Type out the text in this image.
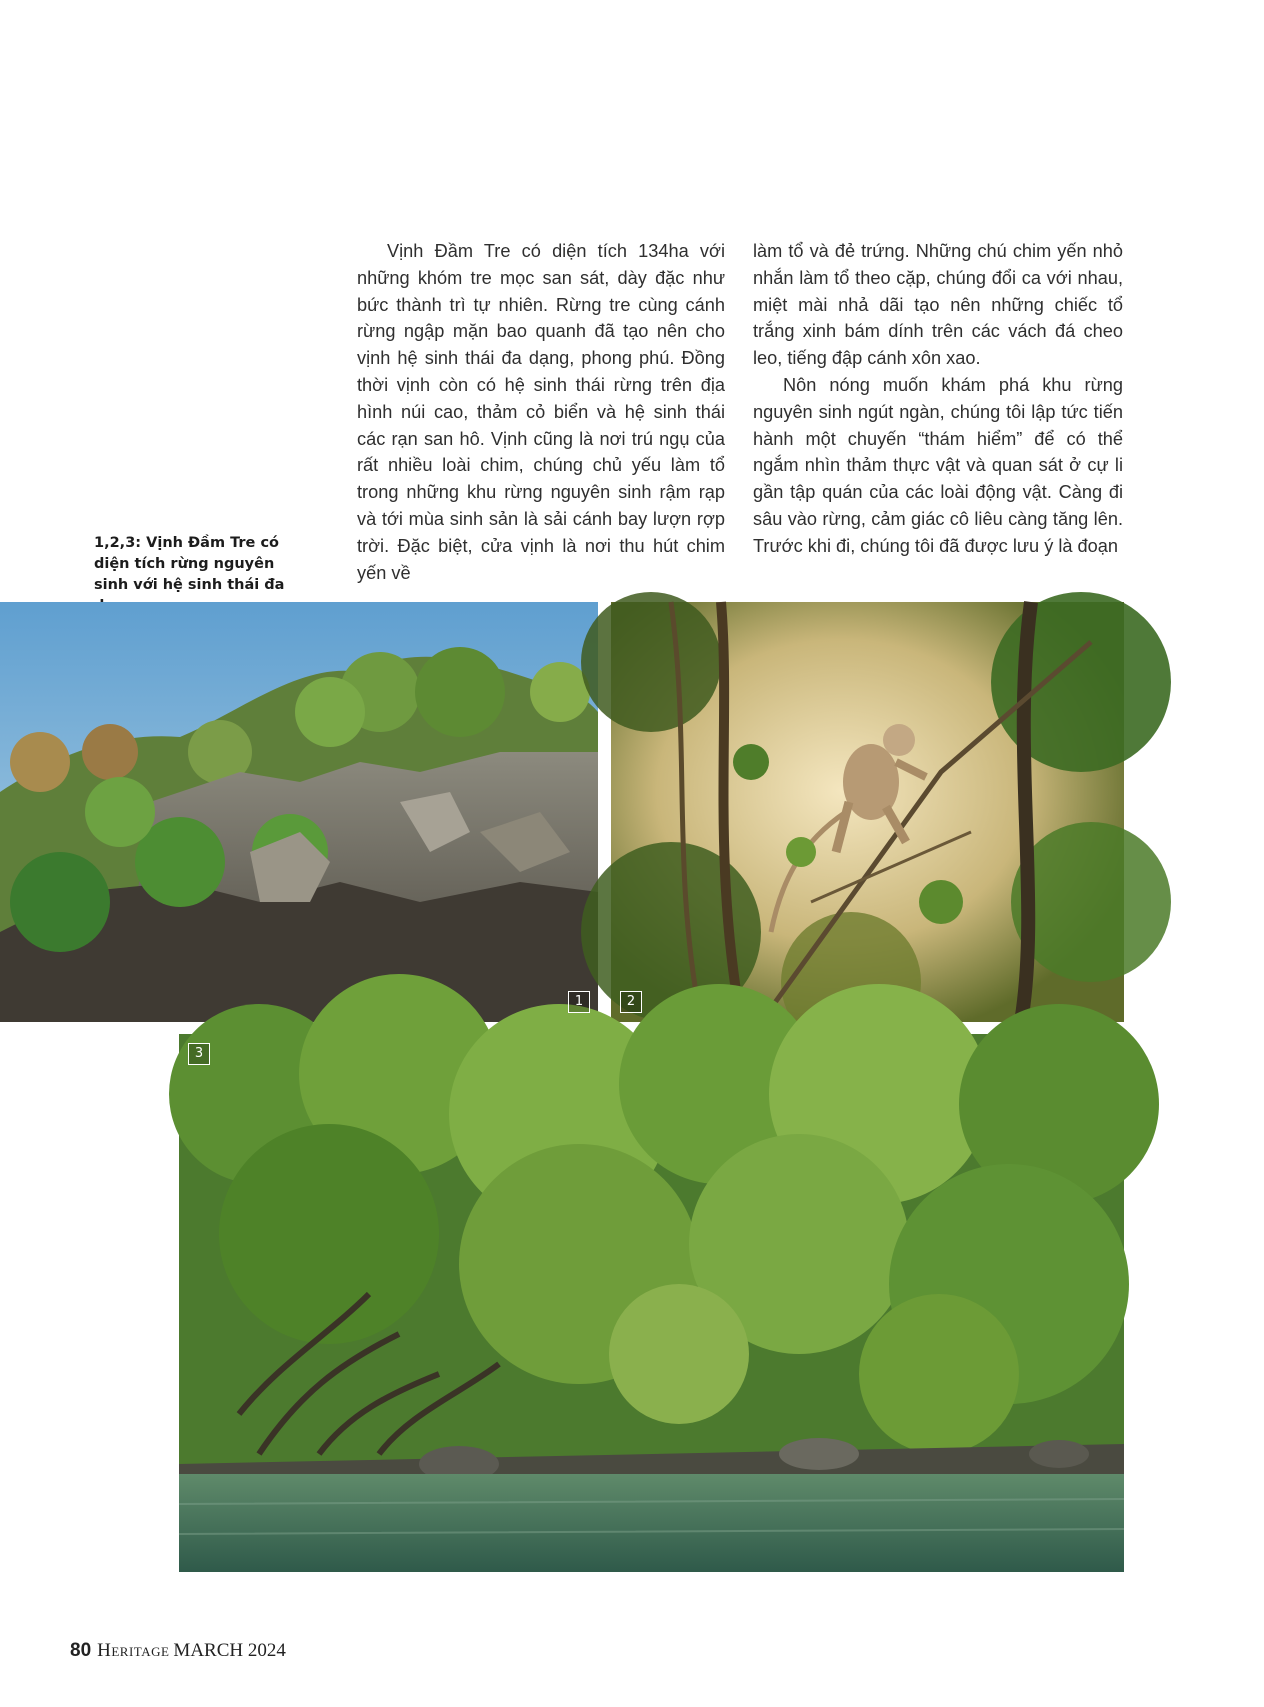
1,2,3: Vịnh Đầm Tre có diện tích rừng nguyên sinh với hệ sinh thái đa

Vịnh Đầm Tre có diện tích 134ha với những khóm tre mọc san sát, dày đặc như bức thành trì tự nhiên. Rừng tre cùng cánh rừng ngập mặn bao quanh đã tạo nên cho vịnh hệ sinh thái đa dạng, phong phú. Đồng thời vịnh còn có hệ sinh thái rừng trên địa hình núi cao, thảm cỏ biển và hệ sinh thái các rạn san hô. Vịnh cũng là nơi trú ngụ của rất nhiều loài chim, chúng chủ yếu làm tổ trong những khu rừng nguyên sinh rậm rạp và tới mùa sinh sản là sải cánh bay lượn rợp trời. Đặc biệt, cửa vịnh là nơi thu hút chim yến về

làm tổ và đẻ trứng. Những chú chim yến nhỏ nhắn làm tổ theo cặp, chúng đổi ca với nhau, miệt mài nhả dãi tạo nên những chiếc tổ trắng xinh bám dính trên các vách đá cheo leo, tiếng đập cánh xôn xao.

Nôn nóng muốn khám phá khu rừng nguyên sinh ngút ngàn, chúng tôi lập tức tiến hành một chuyến “thám hiểm” để có thể ngắm nhìn thảm thực vật và quan sát ở cự li gần tập quán của các loài động vật. Càng đi sâu vào rừng, cảm giác cô liêu càng tăng lên. Trước khi đi, chúng tôi đã được lưu ý là đoạn

1	2
3
80 Heritage MARCH 2024
